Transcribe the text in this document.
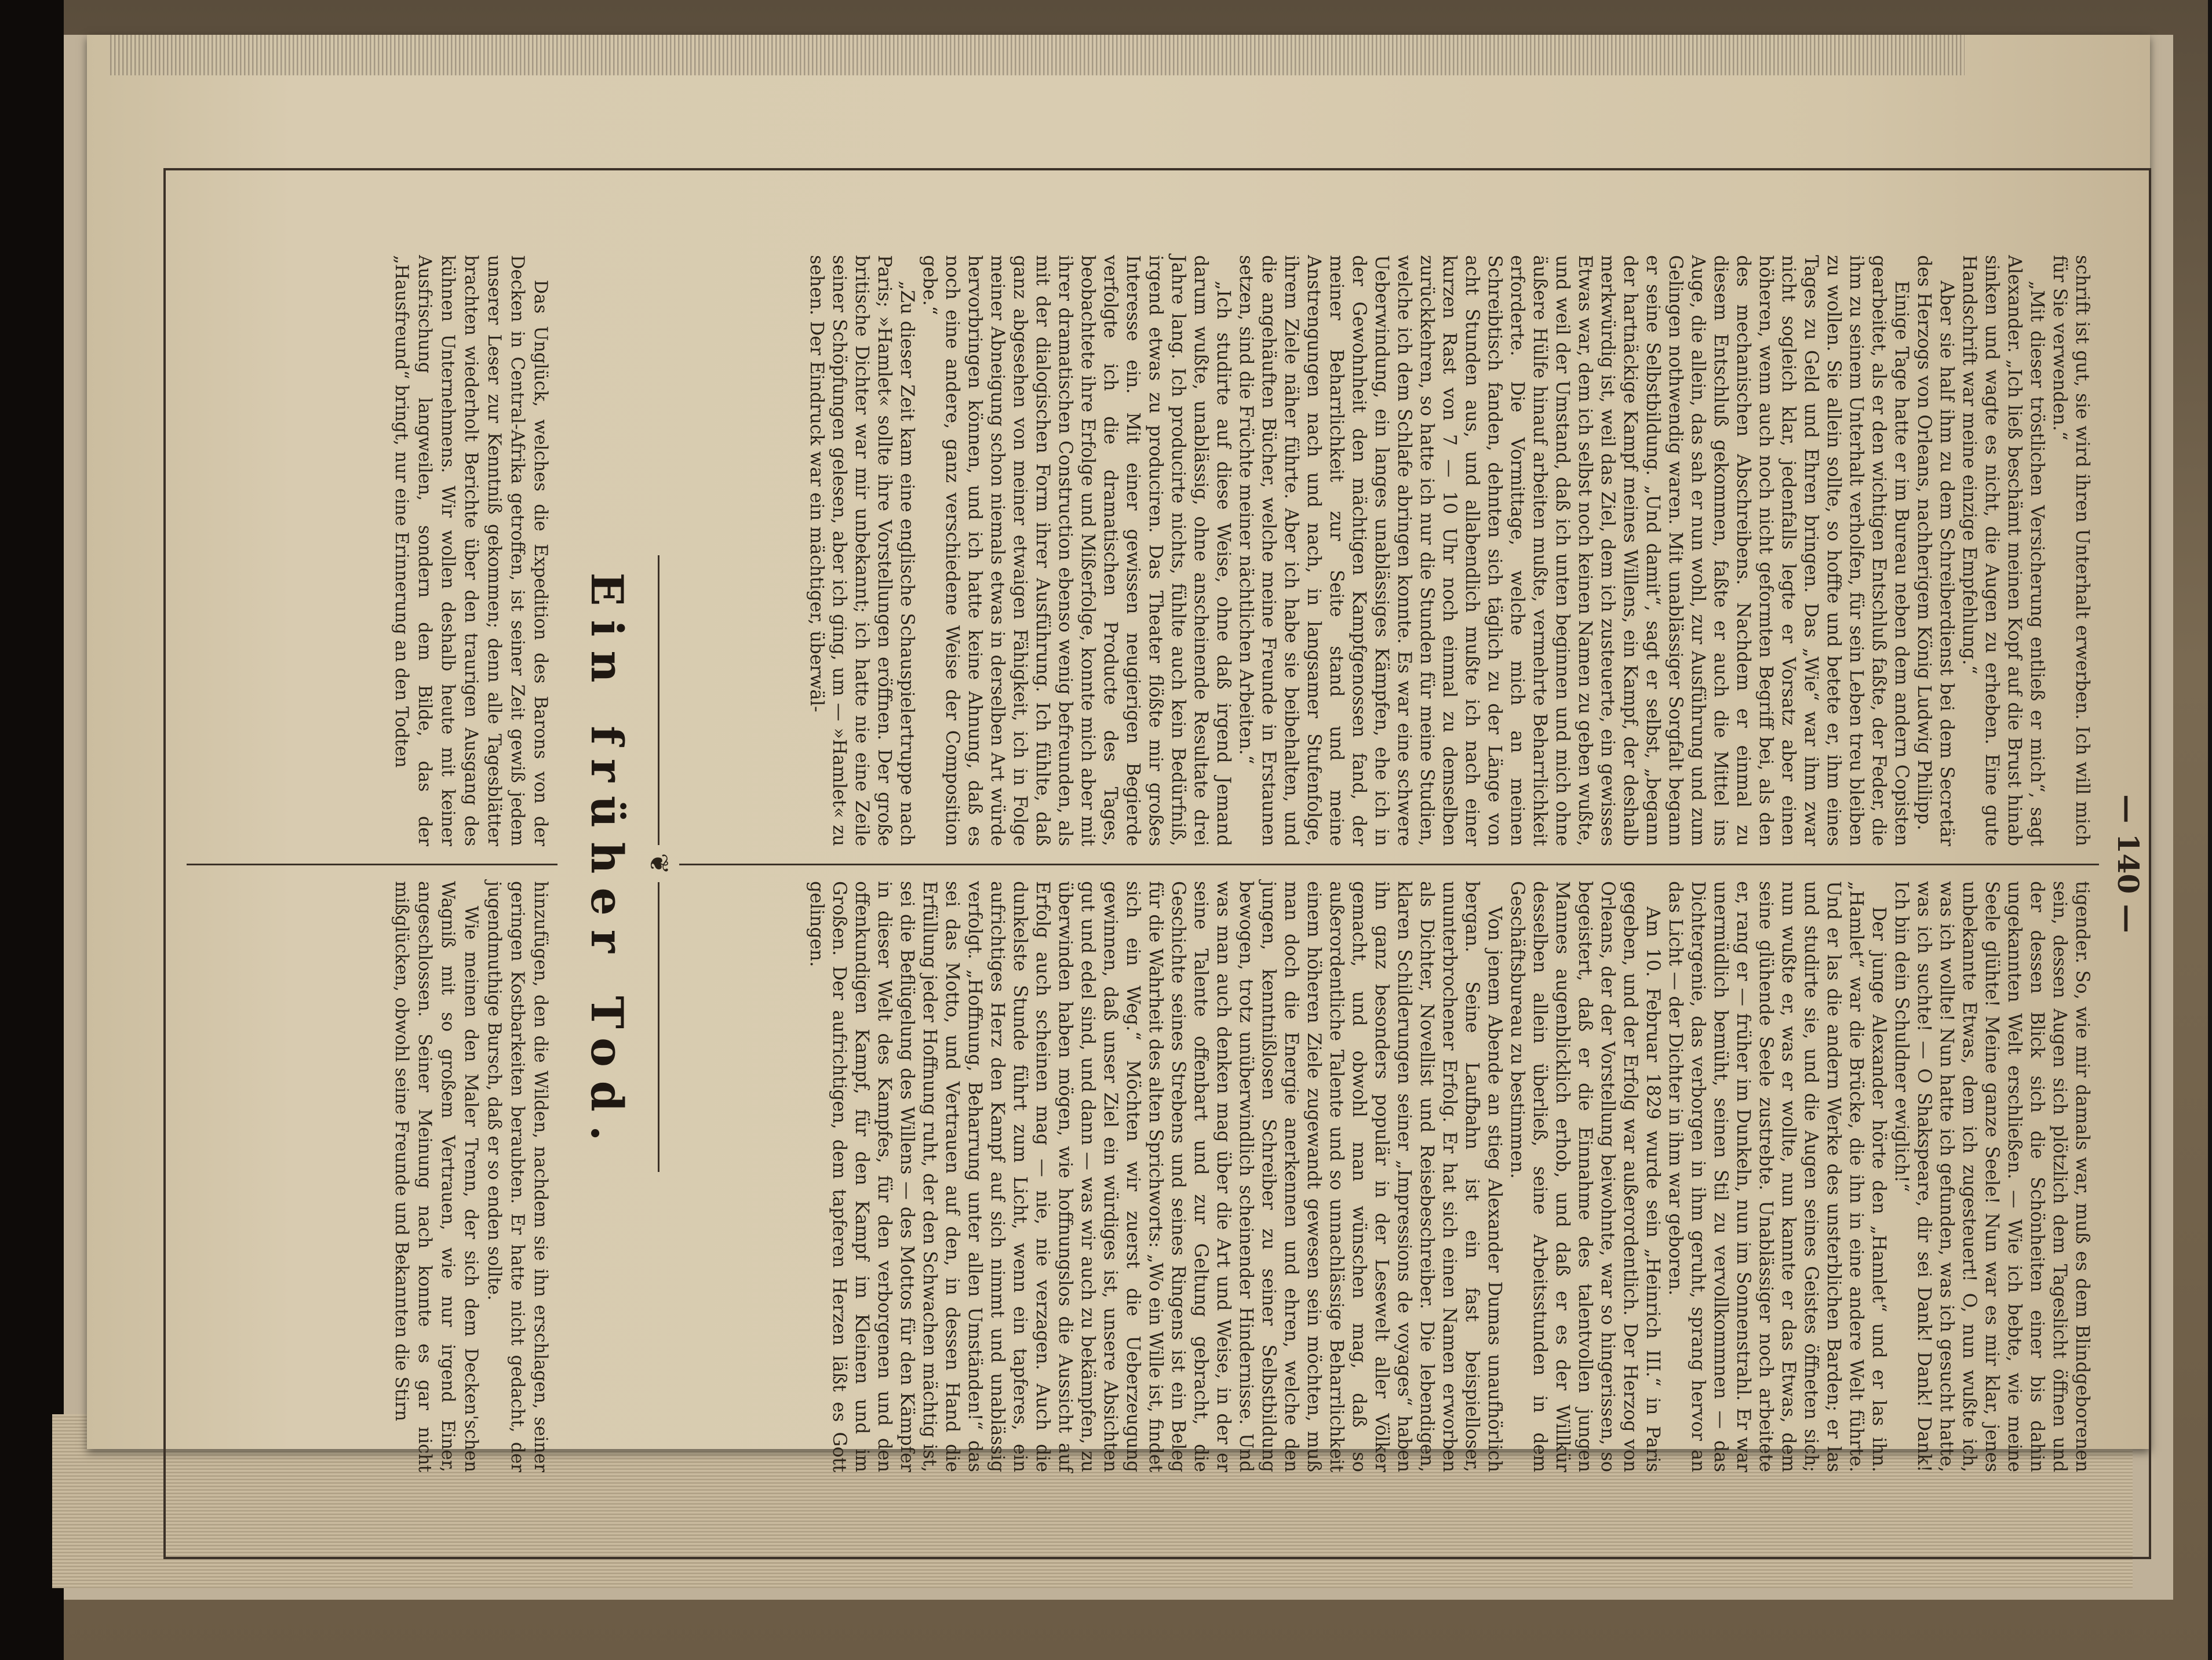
— 140 —

schrift ist gut, sie wird ihren Unterhalt erwerben. Ich will mich für Sie verwenden.“

„Mit dieser tröstlichen Versicherung entließ er mich“, sagt Alexander. „Ich ließ beschämt meinen Kopf auf die Brust hinab sinken und wagte es nicht, die Augen zu erheben. Eine gute Handschrift war meine einzige Empfehlung.“

Aber sie half ihm zu dem Schreiberdienst bei dem Secretär des Herzogs von Orleans, nachherigem König Ludwig Philipp.

Einige Tage hatte er im Bureau neben dem andern Copisten gearbeitet, als er den wichtigen Entschluß faßte, der Feder, die ihm zu seinem Unterhalt verholfen, für sein Leben treu bleiben zu wollen. Sie allein sollte, so hoffte und betete er, ihm eines Tages zu Geld und Ehren bringen. Das „Wie“ war ihm zwar nicht sogleich klar, jedenfalls legte er Vorsatz aber einen höheren, wenn auch noch nicht geformten Begriff bei, als den des mechanischen Abschreibens. Nachdem er einmal zu diesem Entschluß gekommen, faßte er auch die Mittel ins Auge, die allein, das sah er nun wohl, zur Ausführung und zum Gelingen nothwendig waren. Mit unablässiger Sorgfalt begann er seine Selbstbildung. „Und damit“, sagt er selbst, „begann der hartnäckige Kampf meines Willens, ein Kampf, der deshalb merkwürdig ist, weil das Ziel, dem ich zusteuerte, ein gewisses Etwas war, dem ich selbst noch keinen Namen zu geben wußte, und weil der Umstand, daß ich unten beginnen und mich ohne äußere Hülfe hinauf arbeiten mußte, vermehrte Beharrlichkeit erforderte. Die Vormittage, welche mich an meinen Schreibtisch fanden, dehnten sich täglich zu der Länge von acht Stunden aus, und allabendlich mußte ich nach einer kurzen Rast von 7 — 10 Uhr noch einmal zu demselben zurückkehren, so hatte ich nur die Stunden für meine Studien, welche ich dem Schlafe abringen konnte. Es war eine schwere Ueberwindung, ein langes unablässiges Kämpfen, ehe ich in der Gewohnheit den mächtigen Kampfgenossen fand, der meiner Beharrlichkeit zur Seite stand und meine Anstrengungen nach und nach, in langsamer Stufenfolge, ihrem Ziele näher führte. Aber ich habe sie beibehalten, und die angehäuften Bücher, welche meine Freunde in Erstaunen setzen, sind die Früchte meiner nächtlichen Arbeiten.“

„Ich studirte auf diese Weise, ohne daß irgend Jemand darum wußte, unablässig, ohne anscheinende Resultate drei Jahre lang. Ich producirte nichts, fühlte auch kein Bedürfniß, irgend etwas zu produciren. Das Theater flößte mir großes Interesse ein. Mit einer gewissen neugierigen Begierde verfolgte ich die dramatischen Producte des Tages, beobachtete ihre Erfolge und Mißerfolge, konnte mich aber mit ihrer dramatischen Construction ebenso wenig befreunden, als mit der dialogischen Form ihrer Ausführung. Ich fühlte, daß ganz abgesehen von meiner etwaigen Fähigkeit, ich in Folge meiner Abneigung schon niemals etwas in derselben Art würde hervorbringen können, und ich hatte keine Ahnung, daß es noch eine andere, ganz verschiedene Weise der Composition gebe.“

„Zu dieser Zeit kam eine englische Schauspielertruppe nach Paris; »Hamlet« sollte ihre Vorstellungen eröffnen. Der große britische Dichter war mir unbekannt; ich hatte nie eine Zeile seiner Schöpfungen gelesen, aber ich ging, um — »Hamlet« zu sehen. Der Eindruck war ein mächtiger, überwäl-

tigender. So, wie mir damals war, muß es dem Blindgeborenen sein, dessen Augen sich plötzlich dem Tageslicht öffnen und der dessen Blick sich die Schönheiten einer bis dahin ungekannten Welt erschließen. — Wie ich bebte, wie meine Seele glühte! Meine ganze Seele! Nun war es mir klar, jenes unbekannte Etwas, dem ich zugesteuert! O, nun wußte ich, was ich wollte! Nun hatte ich gefunden, was ich gesucht hatte, was ich suchte! — O Shakspeare, dir sei Dank! Dank! Dank! Ich bin dein Schuldner ewiglich!“

Der junge Alexander hörte den „Hamlet“ und er las ihn. „Hamlet“ war die Brücke, die ihn in eine andere Welt führte. Und er las die andern Werke des unsterblichen Barden; er las und studirte sie, und die Augen seines Geistes öffneten sich; nun wußte er, was er wollte, nun kannte er das Etwas, dem seine glühende Seele zustrebte. Unablässiger noch arbeitete er, rang er — früher im Dunkeln, nun im Sonnenstrahl. Er war unermüdlich bemüht, seinen Stil zu vervollkommnen — das Dichtergenie, das verborgen in ihm geruht, sprang hervor an das Licht — der Dichter in ihm war geboren.

Am 10. Februar 1829 wurde sein „Heinrich III.“ in Paris gegeben, und der Erfolg war außerordentlich. Der Herzog von Orleans, der der Vorstellung beiwohnte, war so hingerissen, so begeistert, daß er die Einnahme des talentvollen jungen Mannes augenblicklich erhob, und daß er es der Willkür desselben allein überließ, seine Arbeitsstunden in dem Geschäftsbureau zu bestimmen.

Von jenem Abende an stieg Alexander Dumas unaufhörlich bergan. Seine Laufbahn ist ein fast beispielloser, ununterbrochener Erfolg. Er hat sich einen Namen erworben als Dichter, Novellist und Reisebeschreiber. Die lebendigen, klaren Schilderungen seiner „Impressions de voyages“ haben ihn ganz besonders populär in der Lesewelt aller Völker gemacht, und obwohl man wünschen mag, daß so außerordentliche Talente und so unnachlässige Beharrlichkeit einem höheren Ziele zugewandt gewesen sein möchten, muß man doch die Energie anerkennen und ehren, welche den jungen, kenntnißlosen Schreiber zu seiner Selbstbildung bewogen, trotz unüberwindlich scheinender Hindernisse. Und was man auch denken mag über die Art und Weise, in der er seine Talente offenbart und zur Geltung gebracht, die Geschichte seines Strebens und seines Ringens ist ein Beleg für die Wahrheit des alten Sprichworts: „Wo ein Wille ist, findet sich ein Weg.“ Möchten wir zuerst die Ueberzeugung gewinnen, daß unser Ziel ein würdiges ist, unsere Absichten gut und edel sind, und dann — was wir auch zu bekämpfen, zu überwinden haben mögen, wie hoffnungslos die Aussicht auf Erfolg auch scheinen mag — nie, nie verzagen. Auch die dunkelste Stunde führt zum Licht, wenn ein tapferes, ein aufrichtiges Herz den Kampf auf sich nimmt und unablässig verfolgt. „Hoffnung, Beharrung unter allen Umständen!“ das sei das Motto, und Vertrauen auf den, in dessen Hand die Erfüllung jeder Hoffnung ruht, der den Schwachen mächtig ist, sei die Beflügelung des Willens — des Mottos für den Kämpfer in dieser Welt des Kampfes, für den verborgenen und den offenkundigen Kampf, für den Kampf im Kleinen und im Großen. Der aufrichtigen, dem tapferen Herzen läßt es Gott gelingen.

❦
Ein früher Tod.

Das Unglück, welches die Expedition des Barons von der Decken in Central-Afrika getroffen, ist seiner Zeit gewiß jedem unserer Leser zur Kenntniß gekommen; denn alle Tagesblätter brachten wiederholt Berichte über den traurigen Ausgang des kühnen Unternehmens. Wir wollen deshalb heute mit keiner Ausfrischung langweilen, sondern dem Bilde, das der „Hausfreund“ bringt, nur eine Erinnerung an den Todten

hinzufügen, den die Wilden, nachdem sie ihn erschlagen, seiner geringen Kostbarkeiten beraubten. Er hatte nicht gedacht, der jugendmuthige Bursch, daß er so enden sollte.

Wie meinen den Maler Trenn, der sich dem Decken'schen Wagniß mit so großem Vertrauen, wie nur irgend Einer, angeschlossen. Seiner Meinung nach konnte es gar nicht mißglücken, obwohl seine Freunde und Bekannten die Stirn
